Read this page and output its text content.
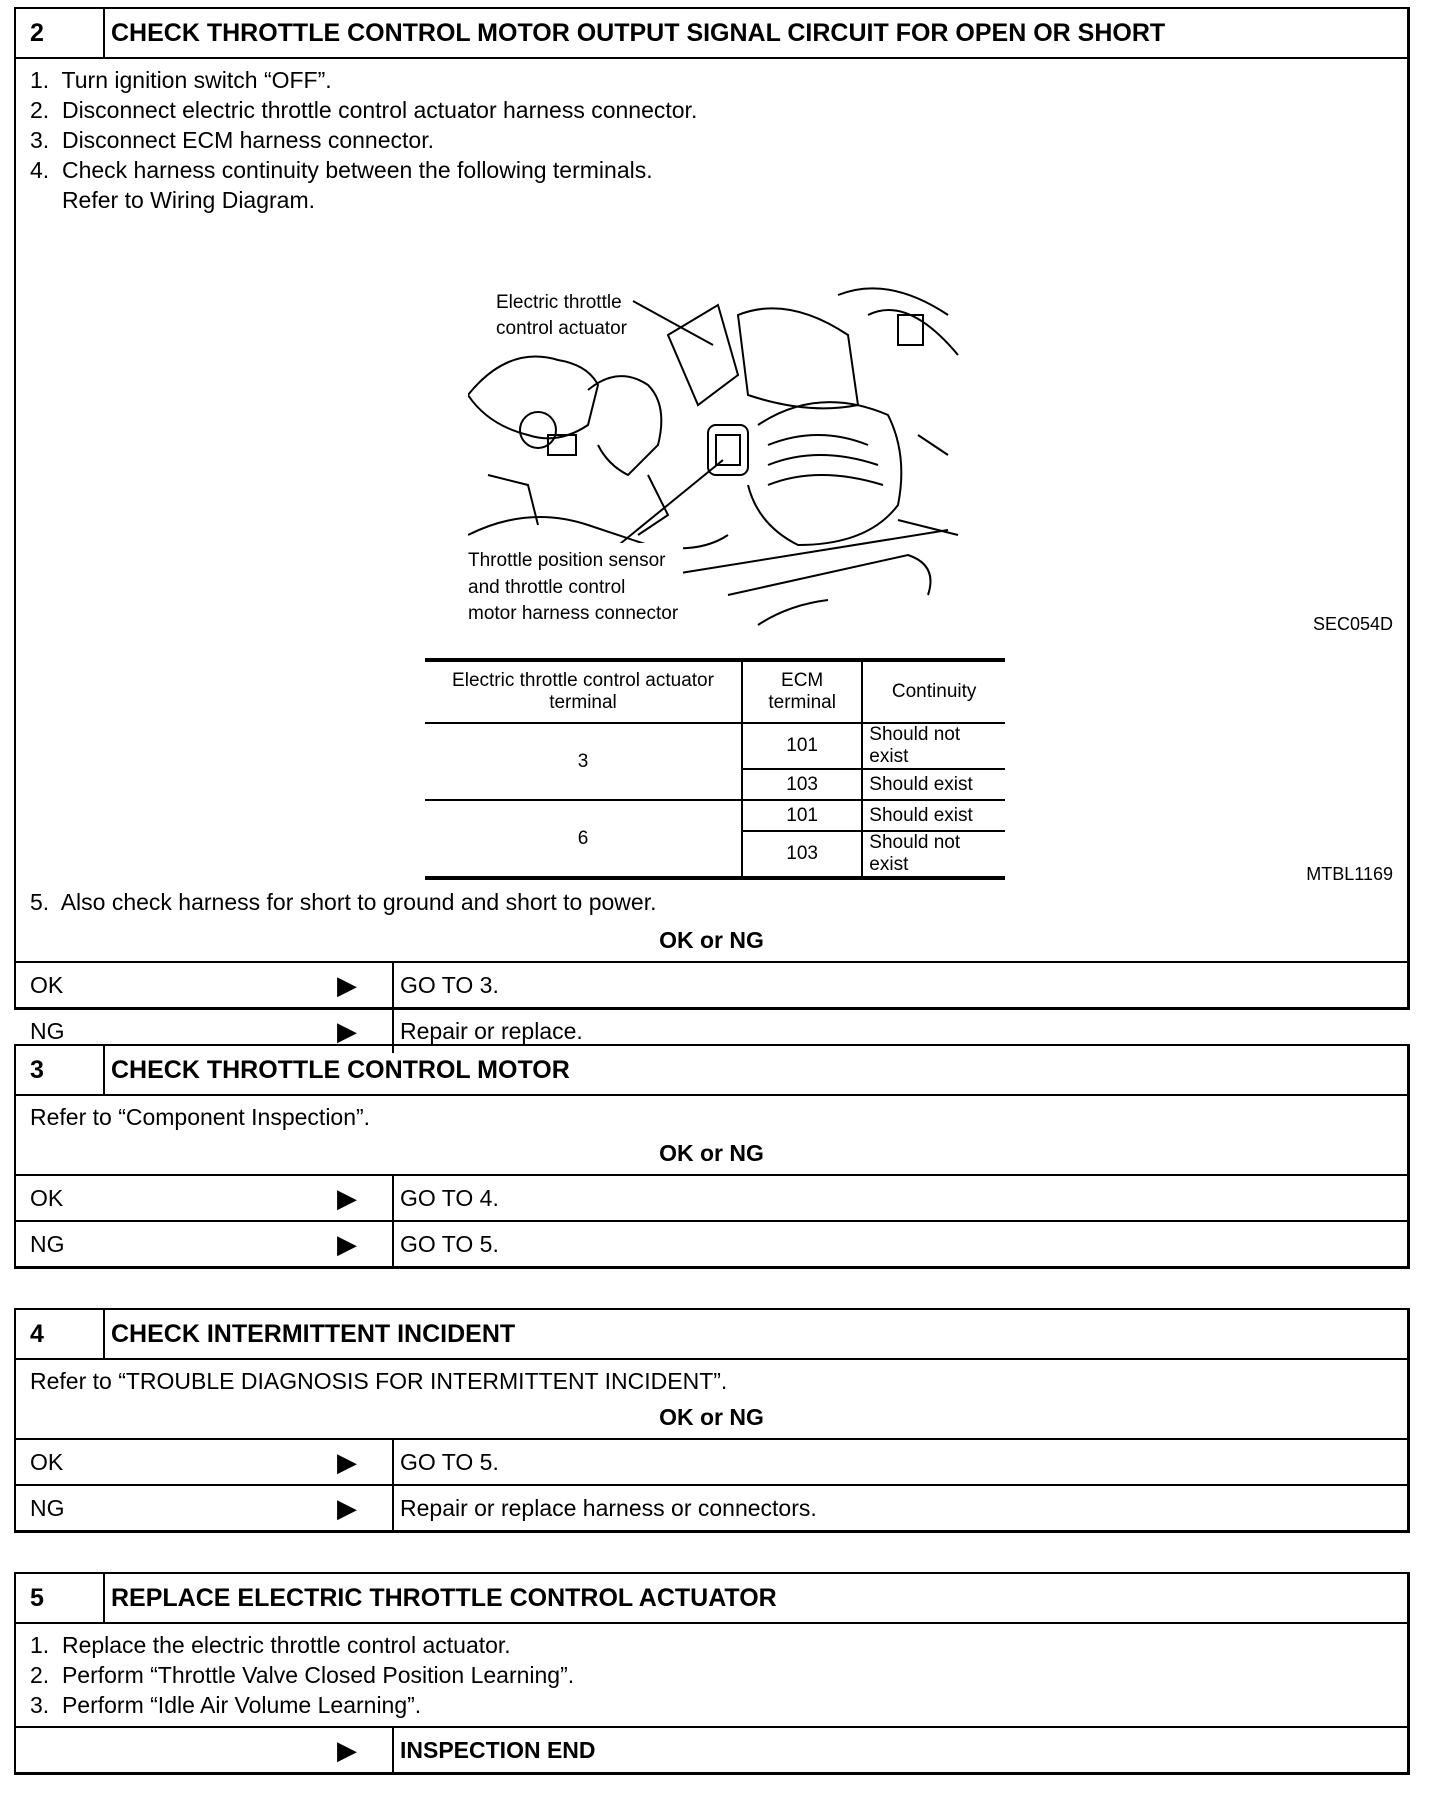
2	CHECK THROTTLE CONTROL MOTOR OUTPUT SIGNAL CIRCUIT FOR OPEN OR SHORT
1.  Turn ignition switch “OFF”.
2.  Disconnect electric throttle control actuator harness connector.
3.  Disconnect ECM harness connector.
4.  Check harness continuity between the following terminals.
Refer to Wiring Diagram.
Electric throttle
control actuator
Throttle position sensor
and throttle control
motor harness connector	SEC054D
Electric throttle control actuator terminal	ECM terminal	Continuity
3	101	Should not exist
	103	Should exist
6	101	Should exist
	103	Should not exist	MTBL1169
5.  Also check harness for short to ground and short to power.
OK or NG
OK	▶ GO TO 3.
NG	▶ Repair or replace.
3	CHECK THROTTLE CONTROL MOTOR
Refer to “Component Inspection”.
OK or NG
OK	▶ GO TO 4.
NG	▶ GO TO 5.
4	CHECK INTERMITTENT INCIDENT
Refer to “TROUBLE DIAGNOSIS FOR INTERMITTENT INCIDENT”.
OK or NG
OK	▶ GO TO 5.
NG	▶ Repair or replace harness or connectors.
5	REPLACE ELECTRIC THROTTLE CONTROL ACTUATOR
1.  Replace the electric throttle control actuator.
2.  Perform “Throttle Valve Closed Position Learning”.
3.  Perform “Idle Air Volume Learning”.
▶ INSPECTION END
